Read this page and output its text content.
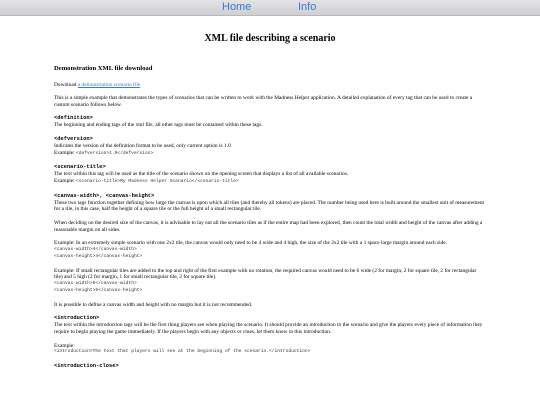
Home	Info
XML file describing a scenario
Demonstration XML file download

Download a demonstration scenario file

This is a simple example that demonstrates the types of scenarios that can be written to work with the Madness Helper application. A detailed explanation of every tag that can be used to create a custom scenario follows below.

<definition>

The beginning and ending tags of the xml file, all other tags must be contained within these tags.

<defversion>

Indicates the version of the definition format to be used, only current option is 1.0

Example: <defversion>1.0</defversion>

<scenario-title>

The text within this tag will be used as the title of the scenario shown on the opening screen that displays a list of all available scenarios.

Example: <scenario-title>My Madness Helper Scenario</scenario-title>

<canvas-width>, <canvas-height>

These two tags function together defining how large the canvas is upon which all tiles (and thereby all tokens) are placed. The number being used here is built around the smallest unit of measurement for a tile, in this case, half the height of a square tile or the full height of a small rectangular tile.

When deciding on the desired size of the canvas, it is advisable to lay out all the scenario tiles as if the entire map had been explored, then count the total width and height of the canvas after adding a reasonable margin on all sides.

Example: In an extremely simple scenario with one 2x2 tile, the canvas would only need to be 4 wide and 4 high, the size of the 2x2 tile with a 1 space large margin around each side.

<canvas-width>4</canvas-width>

<canvas-height>4</canvas-height>

Example: If small rectangular tiles are added to the top and right of the first example with no rotation, the required canvas would need to be 6 wide (2 for margin, 2 for square tile, 2 for rectangular tile) and 5 high (2 for margin, 1 for small rectangular tile, 2 for square tile).

<canvas-width>6</canvas-width>

<canvas-height>5</canvas-height>

It is possible to define a canvas width and height with no margin but it is not recommended.

<introduction>

The text within the introduction tags will be the first thing players see when playing the scenario. It should provide an introduction to the scenario and give the players every piece of information they require to begin playing the game immediately. If the players begin with any objects or clues, let them know in this introduction.

Example:

<introduction>The text that players will see at the beginning of the scenario.</introduction>

<introduction-close>
